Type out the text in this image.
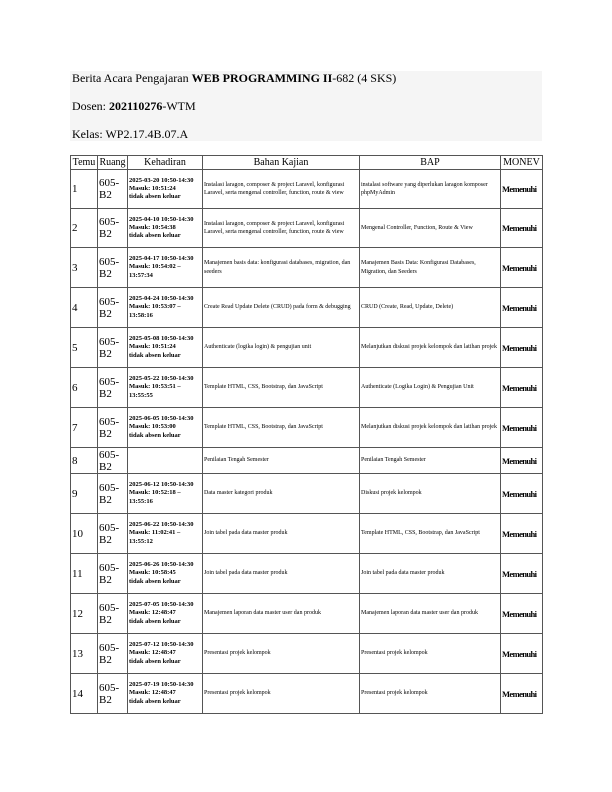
Berita Acara Pengajaran WEB PROGRAMMING II-682 (4 SKS)
Dosen: 202110276-WTM
Kelas: WP2.17.4B.07.A
Temu	Ruang	Kehadiran	Bahan Kajian	BAP	MONEV
1	605-B2	2025-03-20 10:50-14:30
Masuk: 10:51:24
tidak absen keluar	Instalasi laragon, composer & project Laravel, konfigurasi Laravel, serta mengenal controller, function, route & view	instalasi software yang diperlukan laragon komposer phpMyAdmin	Memenuhi
2	605-B2	2025-04-10 10:50-14:30
Masuk: 10:54:38
tidak absen keluar	Instalasi laragon, composer & project Laravel, konfigurasi Laravel, serta mengenal controller, function, route & view	Mengenal Controller, Function, Route & View	Memenuhi
3	605-B2	2025-04-17 10:50-14:30
Masuk: 10:54:02 – 13:57:34	Manajemen basis data: konfigurasi databases, migration, dan seeders	Manajemen Basis Data: Konfigurasi Databases, Migration, dan Seeders	Memenuhi
4	605-B2	2025-04-24 10:50-14:30
Masuk: 10:53:07 – 13:58:16	Create Read Update Delete (CRUD) pada form & debugging	CRUD (Create, Read, Update, Delete)	Memenuhi
5	605-B2	2025-05-08 10:50-14:30
Masuk: 10:51:24
tidak absen keluar	Authenticate (logika login) & pengujian unit	Melanjutkan diskusi projek kelompok dan latihan projek	Memenuhi
6	605-B2	2025-05-22 10:50-14:30
Masuk: 10:53:51 – 13:55:55	Template HTML, CSS, Bootstrap, dan JavaScript	Authenticate (Logika Login) & Pengujian Unit	Memenuhi
7	605-B2	2025-06-05 10:50-14:30
Masuk: 10:53:00
tidak absen keluar	Template HTML, CSS, Bootstrap, dan JavaScript	Melanjutkan diskusi projek kelompok dan latihan projek	Memenuhi
8	605-B2		Penilaian Tengah Semester	Penilaian Tengah Semester	Memenuhi
9	605-B2	2025-06-12 10:50-14:30
Masuk: 10:52:18 – 13:55:16	Data master kategori produk	Diskusi projek kelompok	Memenuhi
10	605-B2	2025-06-22 10:50-14:30
Masuk: 11:02:41 – 13:55:12	Join tabel pada data master produk	Template HTML, CSS, Bootstrap, dan JavaScript	Memenuhi
11	605-B2	2025-06-26 10:50-14:30
Masuk: 10:58:45
tidak absen keluar	Join tabel pada data master produk	Join tabel pada data master produk	Memenuhi
12	605-B2	2025-07-05 10:50-14:30
Masuk: 12:48:47
tidak absen keluar	Manajemen laporan data master user dan produk	Manajemen laporan data master user dan produk	Memenuhi
13	605-B2	2025-07-12 10:50-14:30
Masuk: 12:48:47
tidak absen keluar	Presentasi projek kelompok	Presentasi projek kelompok	Memenuhi
14	605-B2	2025-07-19 10:50-14:30
Masuk: 12:48:47
tidak absen keluar	Presentasi projek kelompok	Presentasi projek kelompok	Memenuhi
